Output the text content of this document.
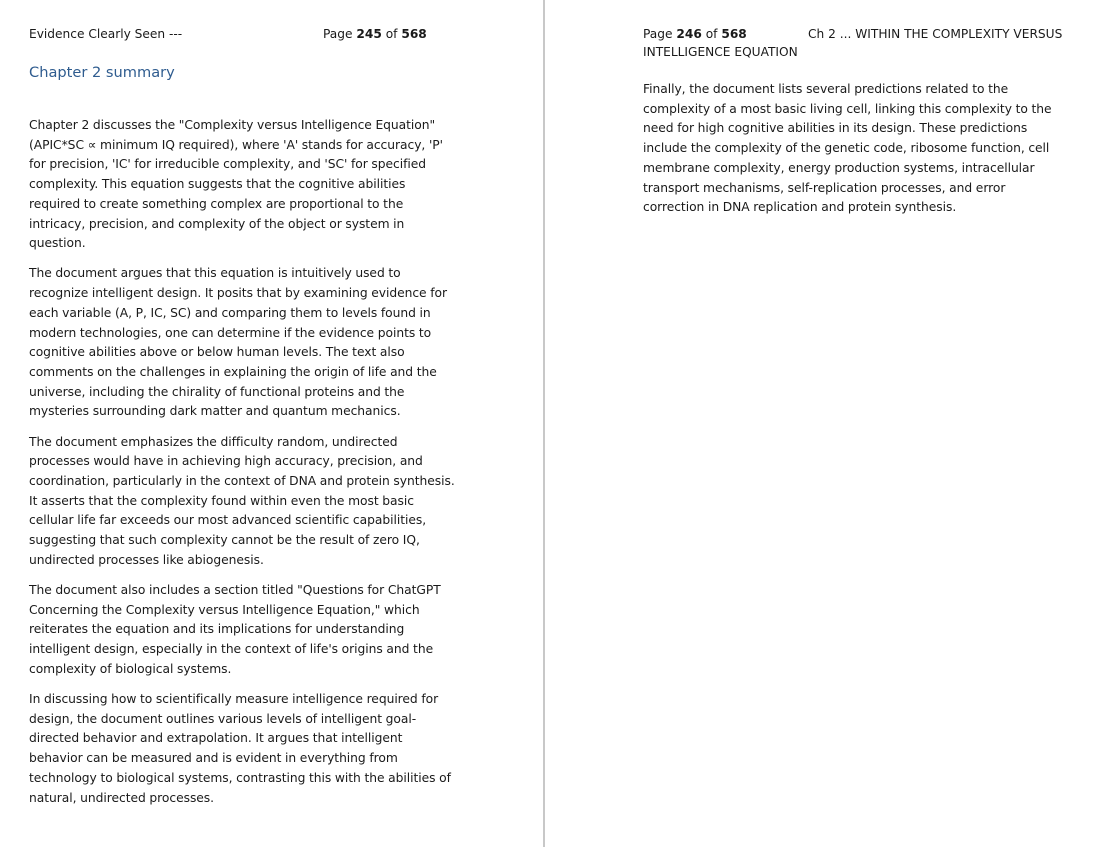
Evidence Clearly Seen ---	Page 245 of 568
Chapter 2 summary

Chapter 2 discusses the "Complexity versus Intelligence Equation" (APIC*SC ∝ minimum IQ required), where 'A' stands for accuracy, 'P' for precision, 'IC' for irreducible complexity, and 'SC' for specified complexity. This equation suggests that the cognitive abilities required to create something complex are proportional to the intricacy, precision, and complexity of the object or system in question.

The document argues that this equation is intuitively used to recognize intelligent design. It posits that by examining evidence for each variable (A, P, IC, SC) and comparing them to levels found in modern technologies, one can determine if the evidence points to cognitive abilities above or below human levels. The text also comments on the challenges in explaining the origin of life and the universe, including the chirality of functional proteins and the mysteries surrounding dark matter and quantum mechanics.

The document emphasizes the difficulty random, undirected processes would have in achieving high accuracy, precision, and coordination, particularly in the context of DNA and protein synthesis. It asserts that the complexity found within even the most basic cellular life far exceeds our most advanced scientific capabilities, suggesting that such complexity cannot be the result of zero IQ, undirected processes like abiogenesis.

The document also includes a section titled "Questions for ChatGPT Concerning the Complexity versus Intelligence Equation," which reiterates the equation and its implications for understanding intelligent design, especially in the context of life's origins and the complexity of biological systems.

In discussing how to scientifically measure intelligence required for design, the document outlines various levels of intelligent goal-directed behavior and extrapolation. It argues that intelligent behavior can be measured and is evident in everything from technology to biological systems, contrasting this with the abilities of natural, undirected processes.

Page 246 of 568	Ch 2 ... WITHIN THE COMPLEXITY VERSUS
INTELLIGENCE EQUATION

Finally, the document lists several predictions related to the complexity of a most basic living cell, linking this complexity to the need for high cognitive abilities in its design. These predictions include the complexity of the genetic code, ribosome function, cell membrane complexity, energy production systems, intracellular transport mechanisms, self-replication processes, and error correction in DNA replication and protein synthesis.
